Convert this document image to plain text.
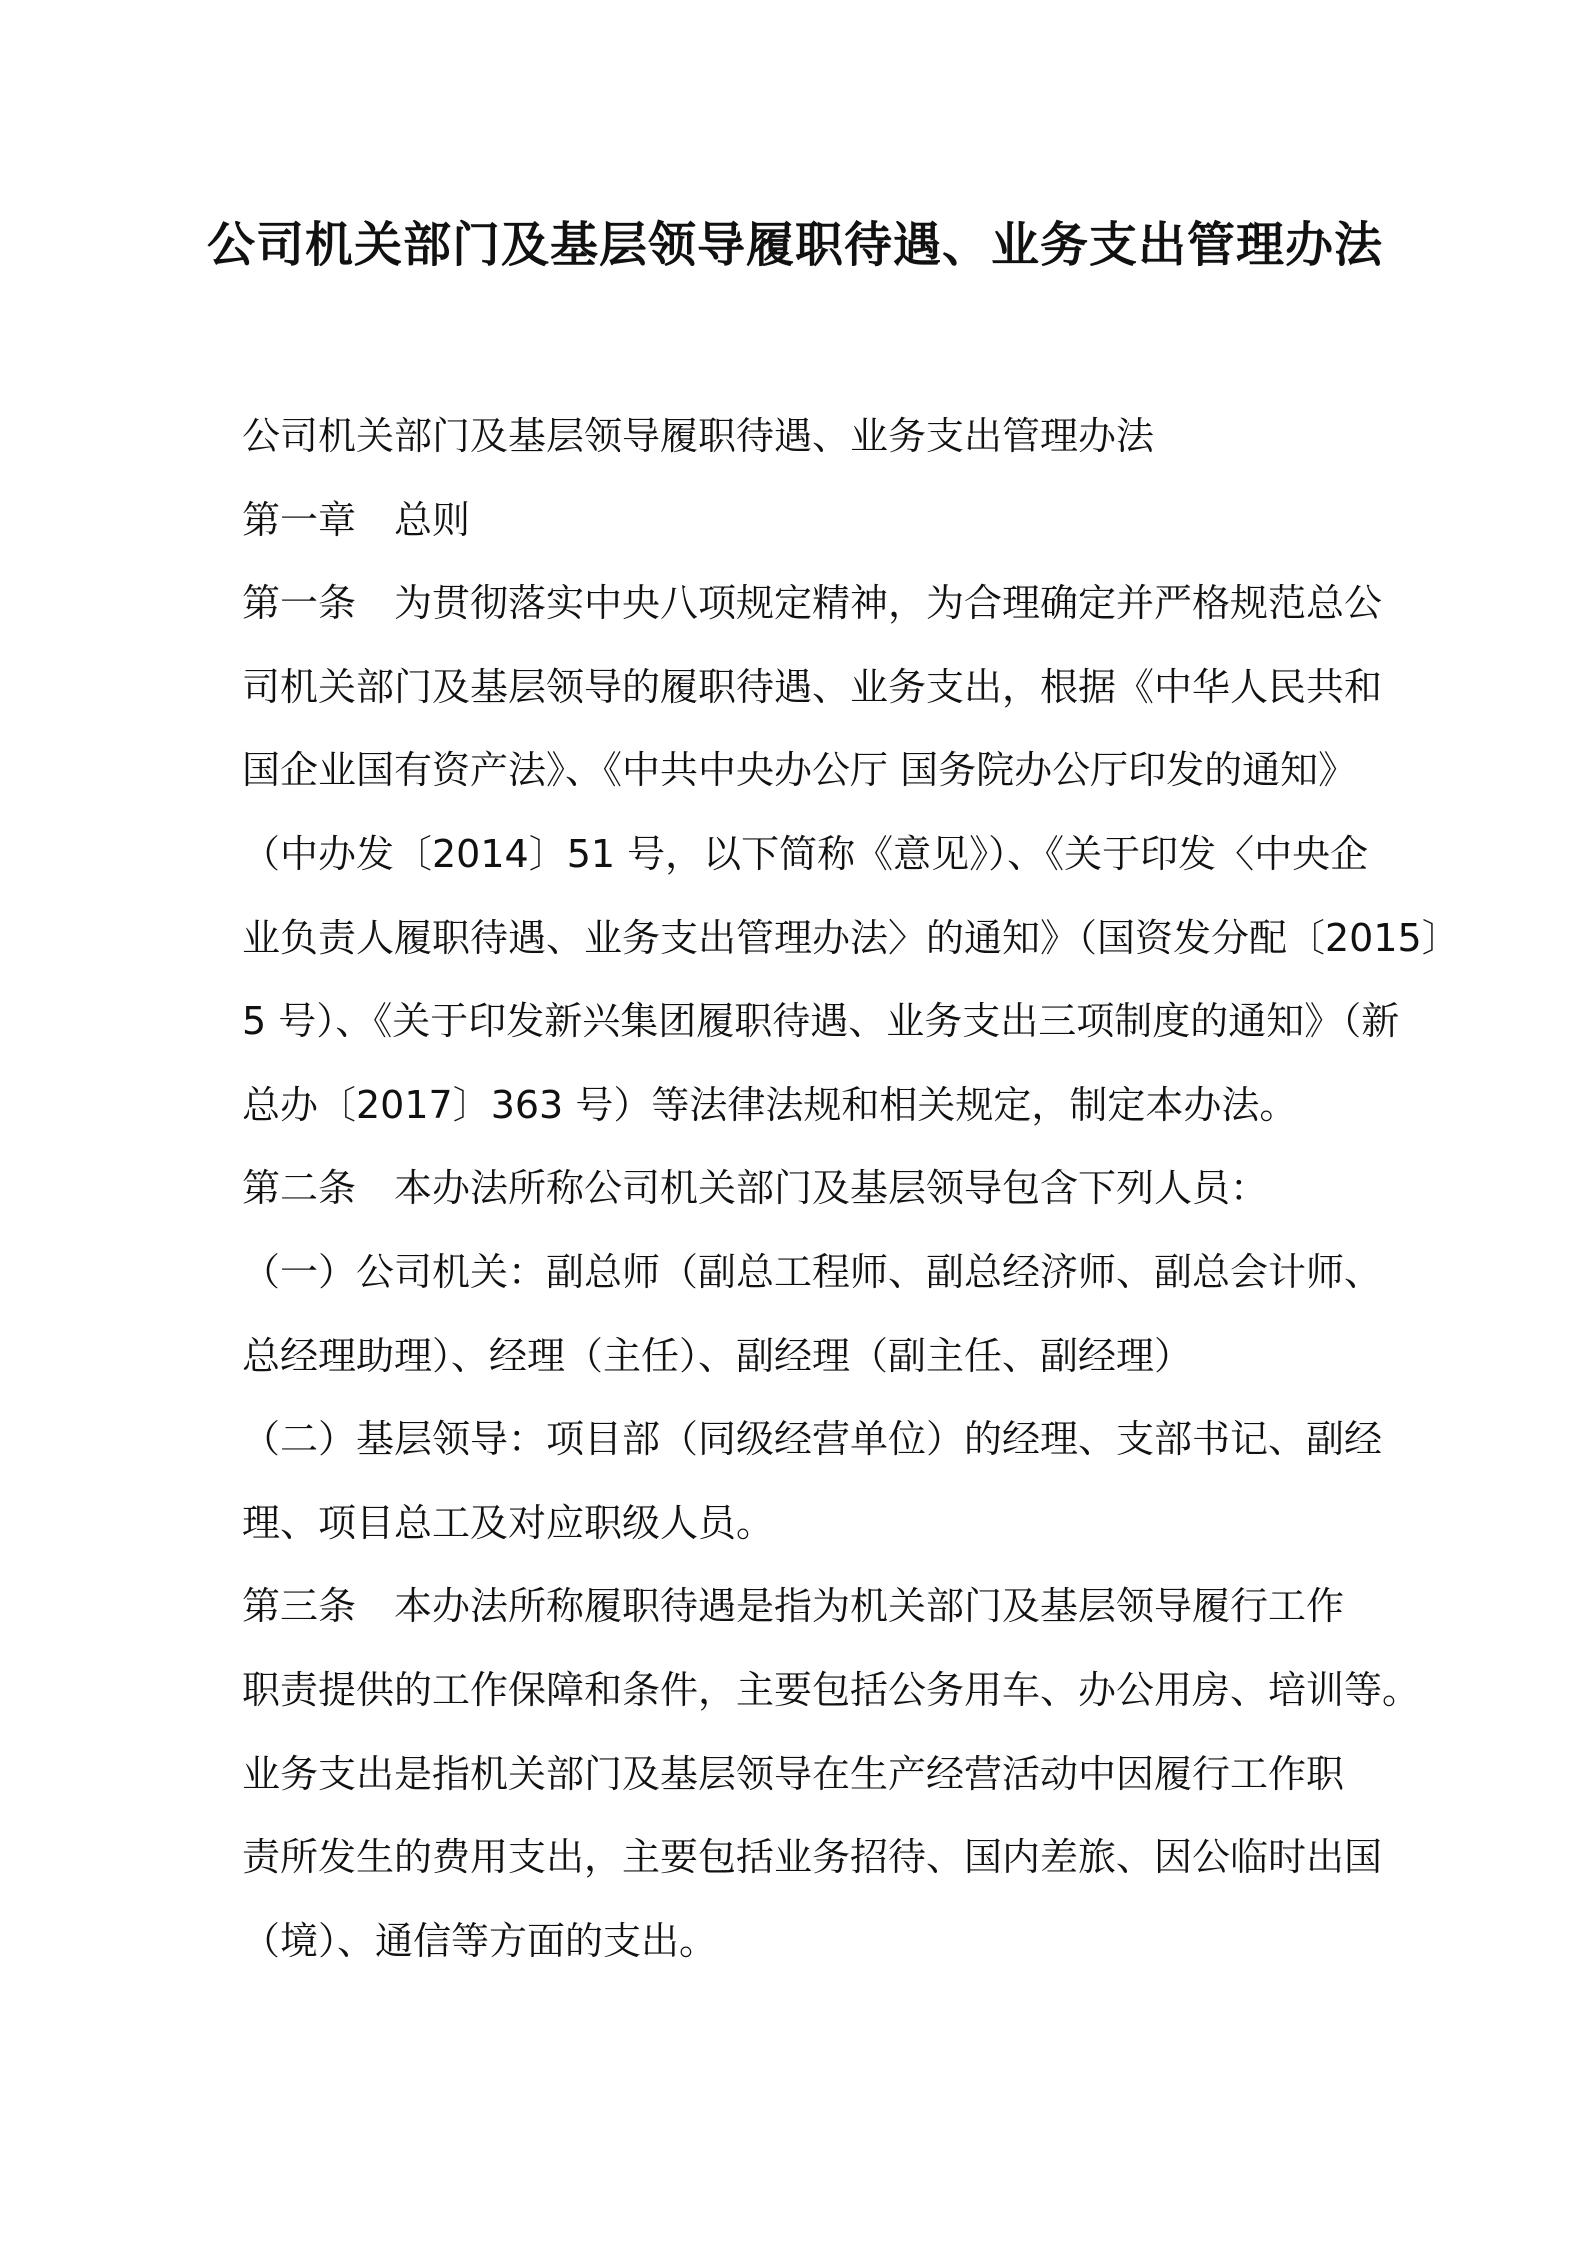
公司机关部门及基层领导履职待遇、业务支出管理办法

公司机关部门及基层领导履职待遇、业务支出管理办法

第一章　总则

第一条　为贯彻落实中央八项规定精神，为合理确定并严格规范总公

司机关部门及基层领导的履职待遇、业务支出，根据《中华人民共和

国企业国有资产法》、《中共中央办公厅 国务院办公厅印发的通知》

（中办发〔2014〕51 号，以下简称《意见》）、《关于印发〈中央企

业负责人履职待遇、业务支出管理办法〉的通知》（国资发分配〔2015〕

5 号）、《关于印发新兴集团履职待遇、业务支出三项制度的通知》（新

总办〔2017〕363 号）等法律法规和相关规定，制定本办法。

第二条　本办法所称公司机关部门及基层领导包含下列人员：

（一）公司机关：副总师（副总工程师、副总经济师、副总会计师、

总经理助理）、经理（主任）、副经理（副主任、副经理）

（二）基层领导：项目部（同级经营单位）的经理、支部书记、副经

理、项目总工及对应职级人员。

第三条　本办法所称履职待遇是指为机关部门及基层领导履行工作

职责提供的工作保障和条件，主要包括公务用车、办公用房、培训等。

业务支出是指机关部门及基层领导在生产经营活动中因履行工作职

责所发生的费用支出，主要包括业务招待、国内差旅、因公临时出国

（境）、通信等方面的支出。
